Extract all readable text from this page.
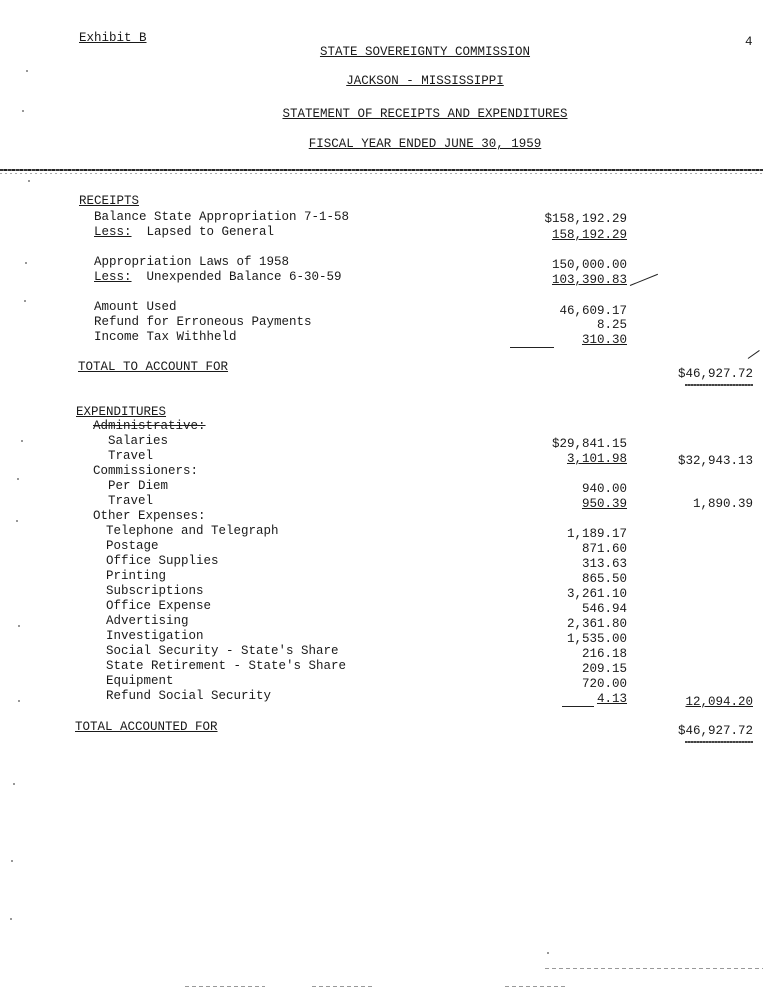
Exhibit B	4
STATE SOVEREIGNTY COMMISSION
JACKSON - MISSISSIPPI
STATEMENT OF RECEIPTS AND EXPENDITURES
FISCAL YEAR ENDED JUNE 30, 1959
RECEIPTS
Balance State Appropriation 7-1-58	$158,192.29
Less: Lapsed to General	158,192.29
Appropriation Laws of 1958	150,000.00
Less: Unexpended Balance 6-30-59	103,390.83
Amount Used	46,609.17
Refund for Erroneous Payments	8.25
Income Tax Withheld	310.30
TOTAL TO ACCOUNT FOR	$46,927.72
EXPENDITURES
Administrative:
Salaries	$29,841.15
Travel	3,101.98	$32,943.13
Commissioners:
Per Diem	940.00
Travel	950.39	1,890.39
Other Expenses:
Telephone and Telegraph	1,189.17
Postage	871.60
Office Supplies	313.63
Printing	865.50
Subscriptions	3,261.10
Office Expense	546.94
Advertising	2,361.80
Investigation	1,535.00
Social Security - State's Share	216.18
State Retirement - State's Share	209.15
Equipment	720.00
Refund Social Security	4.13	12,094.20
TOTAL ACCOUNTED FOR	$46,927.72
